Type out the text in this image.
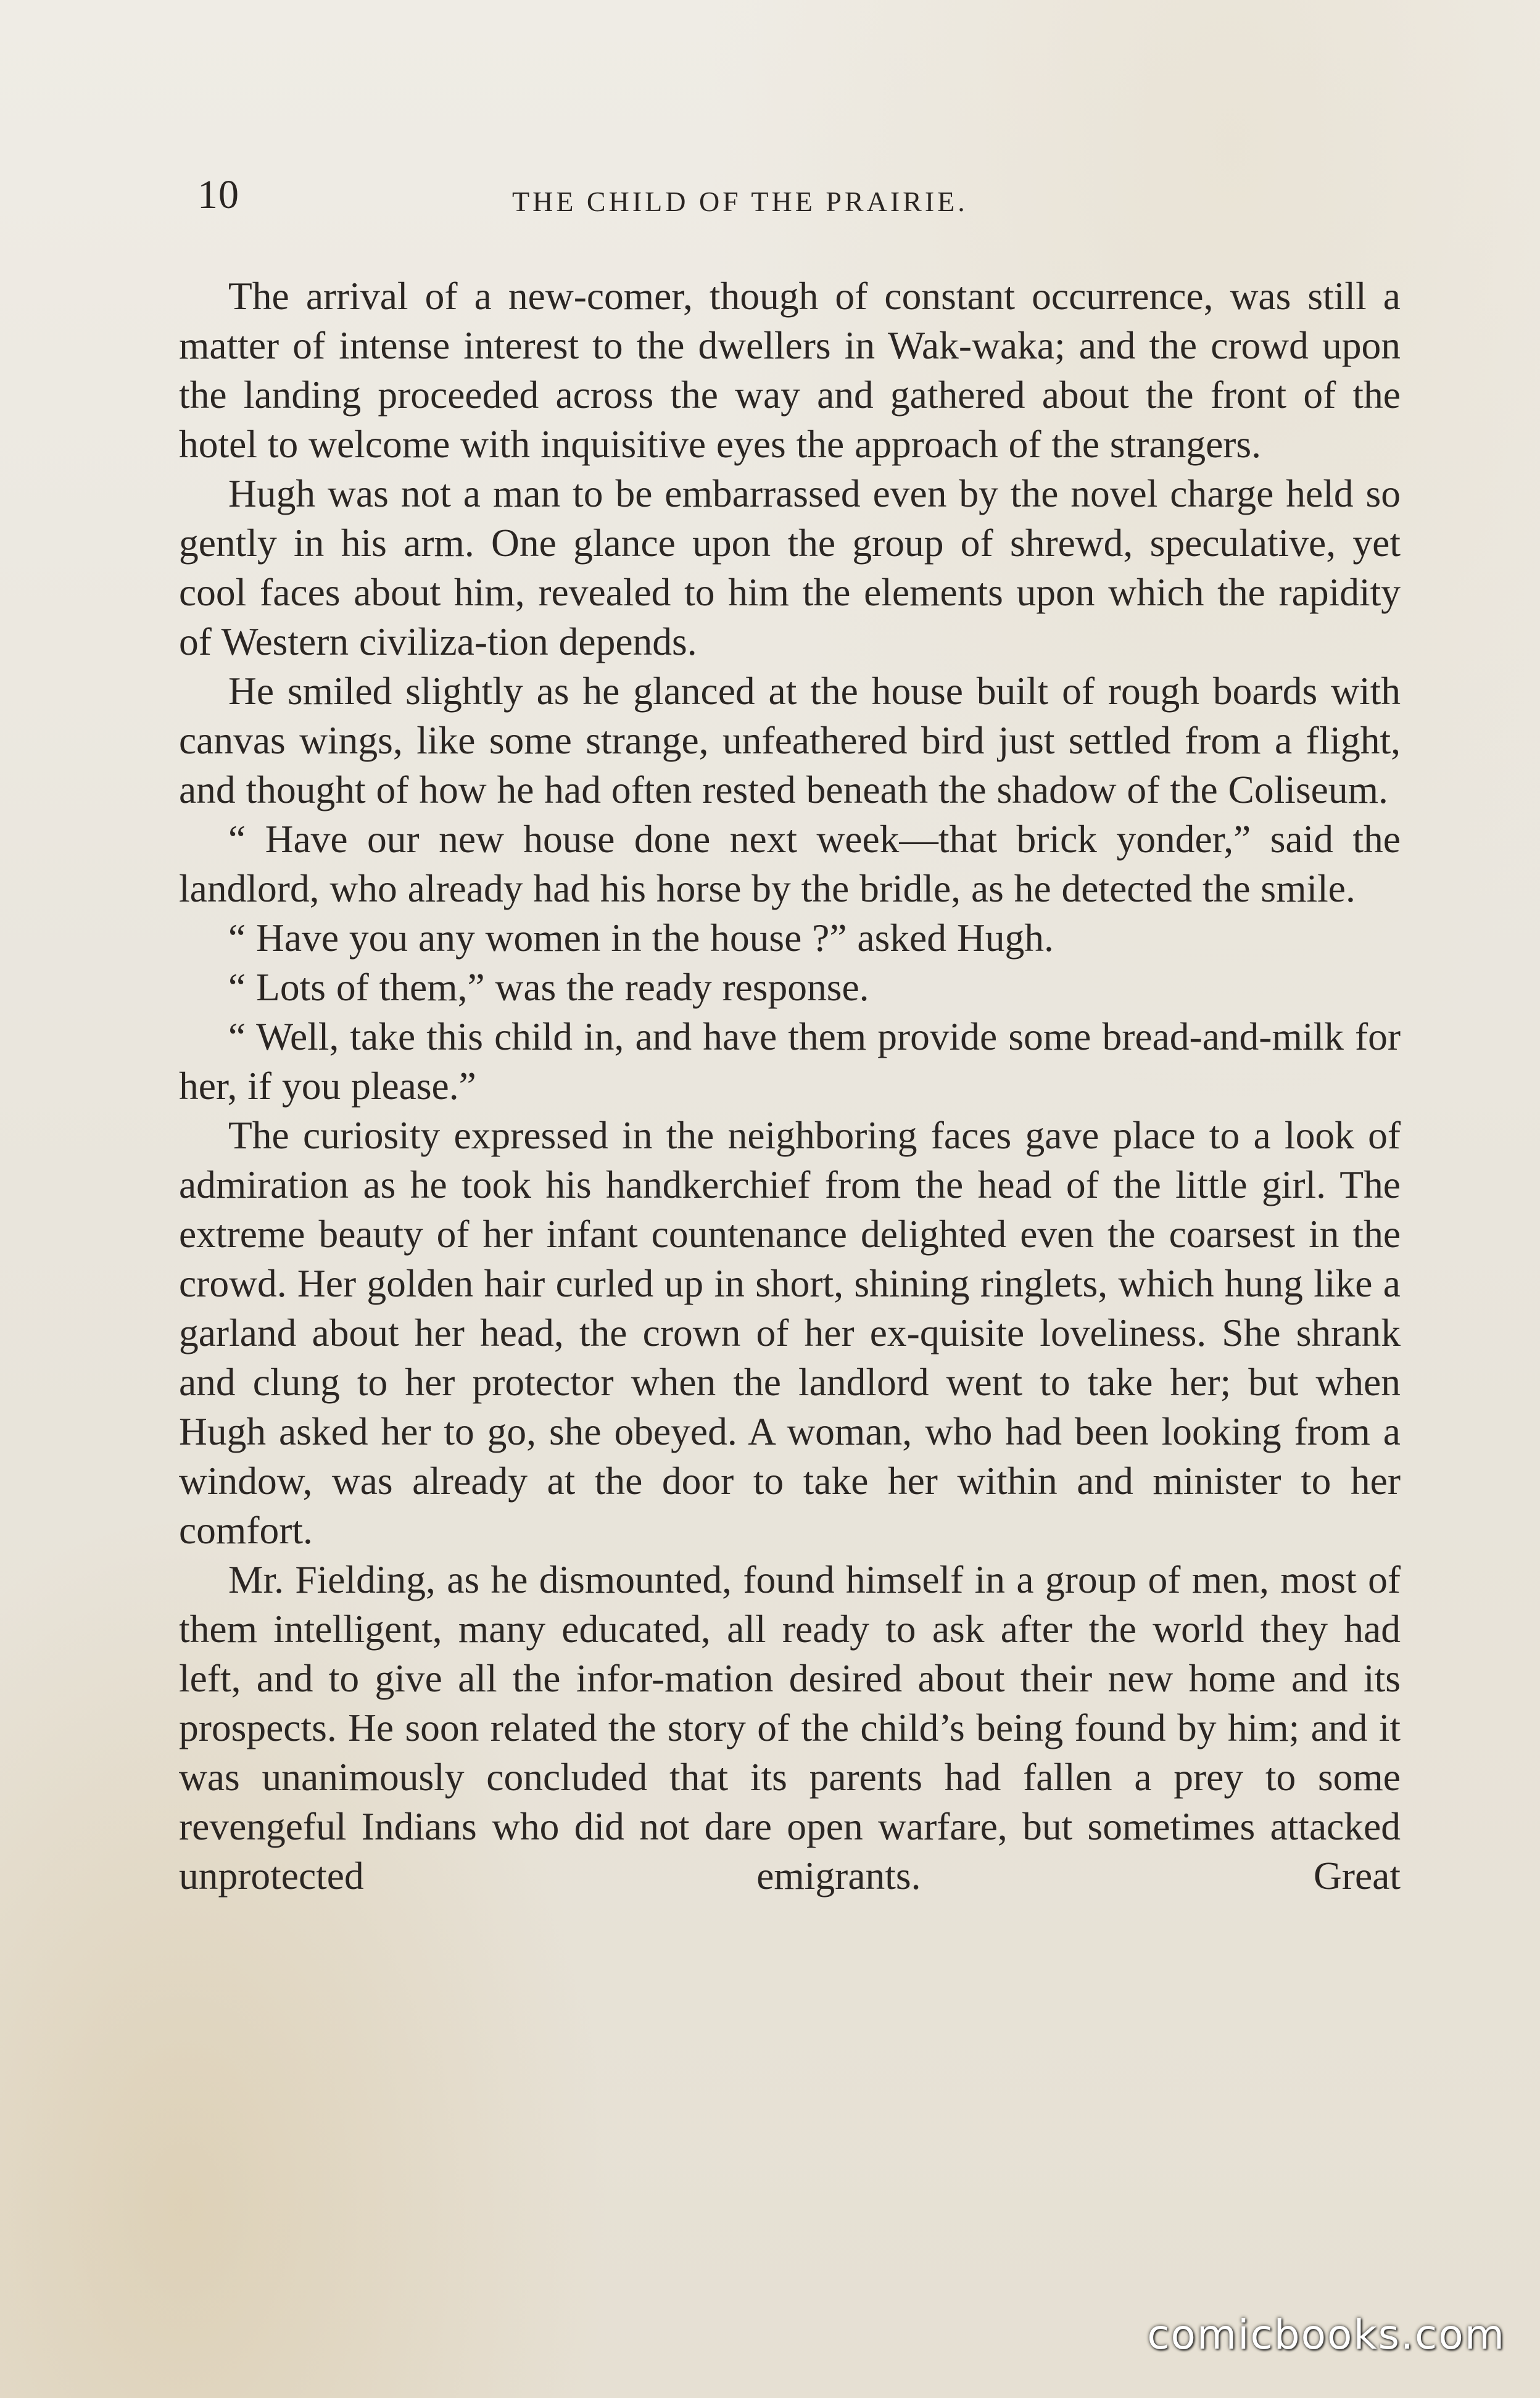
10	THE CHILD OF THE PRAIRIE.

The arrival of a new-comer, though of constant occurrence, was still a matter of intense interest to the dwellers in Wak-waka; and the crowd upon the landing proceeded across the way and gathered about the front of the hotel to welcome with inquisitive eyes the approach of the strangers.

Hugh was not a man to be embarrassed even by the novel charge held so gently in his arm. One glance upon the group of shrewd, speculative, yet cool faces about him, revealed to him the elements upon which the rapidity of Western civiliza-tion depends.

He smiled slightly as he glanced at the house built of rough boards with canvas wings, like some strange, unfeathered bird just settled from a flight, and thought of how he had often rested beneath the shadow of the Coliseum.

“ Have our new house done next week—that brick yonder,” said the landlord, who already had his horse by the bridle, as he detected the smile.

“ Have you any women in the house ?” asked Hugh.

“ Lots of them,” was the ready response.

“ Well, take this child in, and have them provide some bread-and-milk for her, if you please.”

The curiosity expressed in the neighboring faces gave place to a look of admiration as he took his handkerchief from the head of the little girl. The extreme beauty of her infant countenance delighted even the coarsest in the crowd. Her golden hair curled up in short, shining ringlets, which hung like a garland about her head, the crown of her ex-quisite loveliness. She shrank and clung to her protector when the landlord went to take her; but when Hugh asked her to go, she obeyed. A woman, who had been looking from a window, was already at the door to take her within and minister to her comfort.

Mr. Fielding, as he dismounted, found himself in a group of men, most of them intelligent, many educated, all ready to ask after the world they had left, and to give all the infor-mation desired about their new home and its prospects. He soon related the story of the child’s being found by him; and it was unanimously concluded that its parents had fallen a prey to some revengeful Indians who did not dare open warfare, but sometimes attacked unprotected emigrants. Great

comicbooks.com
